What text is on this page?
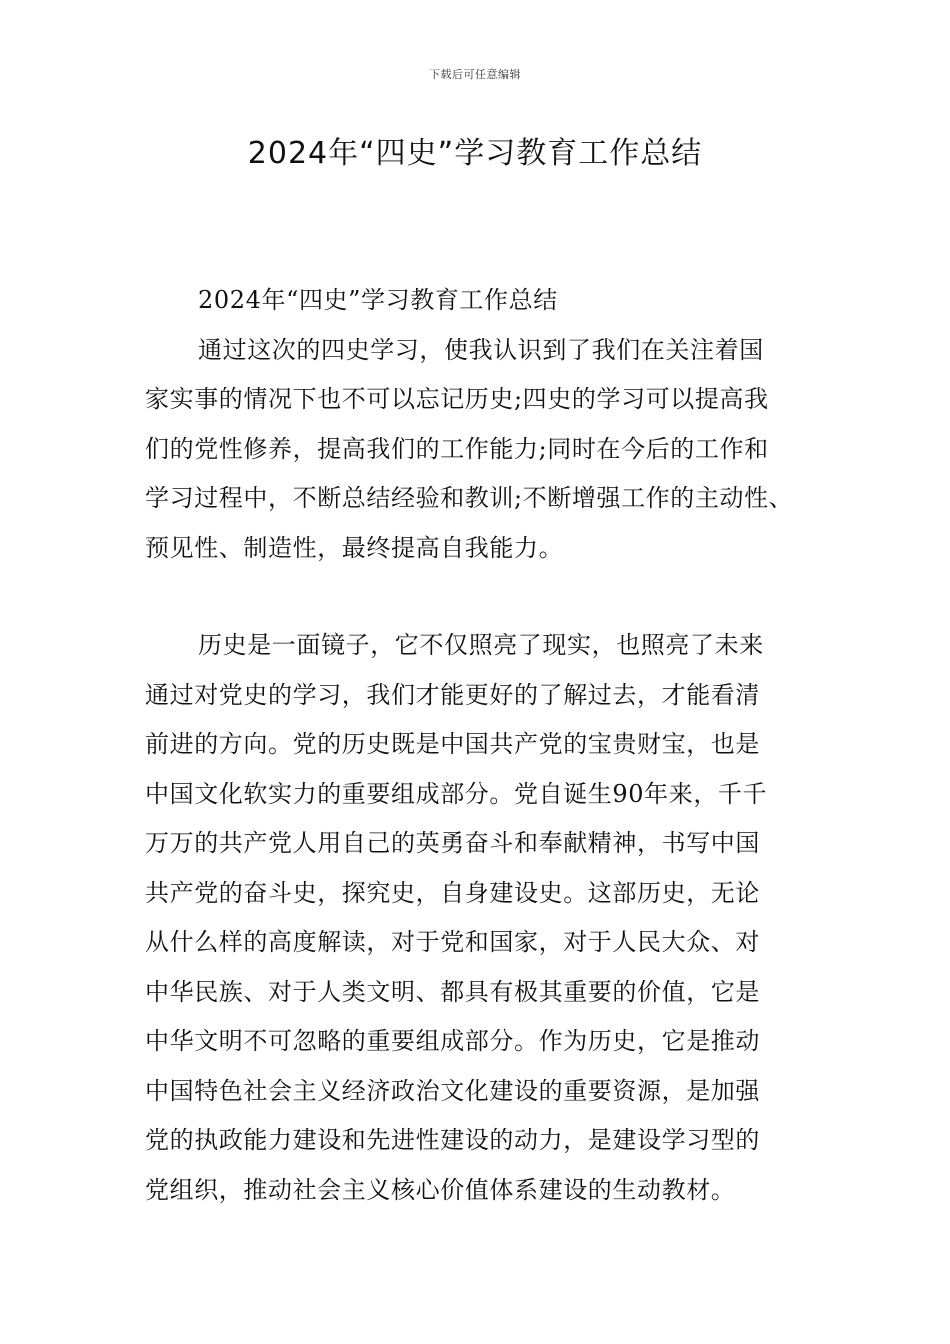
下载后可任意编辑
2024年“四史”学习教育工作总结
2024年“四史”学习教育工作总结
通过这次的四史学习，使我认识到了我们在关注着国
家实事的情况下也不可以忘记历史;四史的学习可以提高我
们的党性修养，提高我们的工作能力;同时在今后的工作和
学习过程中，不断总结经验和教训;不断增强工作的主动性、
预见性、制造性，最终提高自我能力。
历史是一面镜子，它不仅照亮了现实，也照亮了未来
通过对党史的学习，我们才能更好的了解过去，才能看清
前进的方向。党的历史既是中国共产党的宝贵财宝，也是
中国文化软实力的重要组成部分。党自诞生90年来，千千
万万的共产党人用自己的英勇奋斗和奉献精神，书写中国
共产党的奋斗史，探究史，自身建设史。这部历史，无论
从什么样的高度解读，对于党和国家，对于人民大众、对
中华民族、对于人类文明、都具有极其重要的价值，它是
中华文明不可忽略的重要组成部分。作为历史，它是推动
中国特色社会主义经济政治文化建设的重要资源，是加强
党的执政能力建设和先进性建设的动力，是建设学习型的
党组织，推动社会主义核心价值体系建设的生动教材。
